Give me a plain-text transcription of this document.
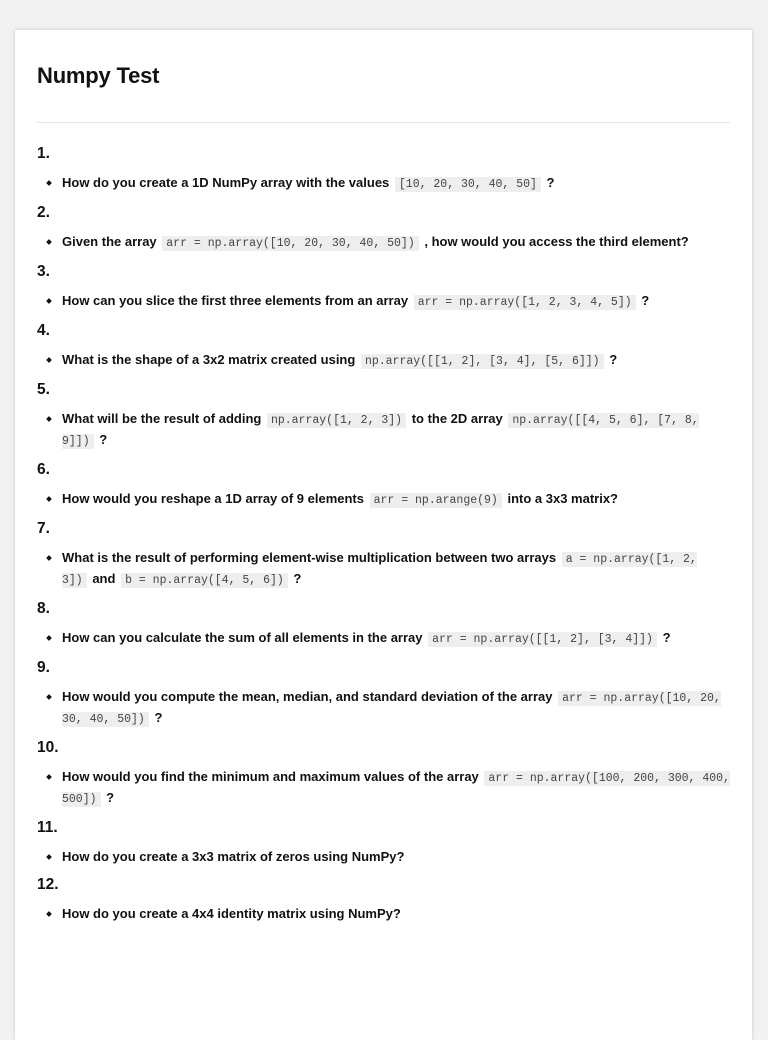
Numpy Test
1.
How do you create a 1D NumPy array with the values [10, 20, 30, 40, 50] ?
2.
Given the array arr = np.array([10, 20, 30, 40, 50]) , how would you access the third element?
3.
How can you slice the first three elements from an array arr = np.array([1, 2, 3, 4, 5]) ?
4.
What is the shape of a 3x2 matrix created using np.array([[1, 2], [3, 4], [5, 6]]) ?
5.
What will be the result of adding np.array([1, 2, 3]) to the 2D array np.array([[4, 5, 6], [7, 8, 9]]) ?
6.
How would you reshape a 1D array of 9 elements arr = np.arange(9) into a 3x3 matrix?
7.
What is the result of performing element-wise multiplication between two arrays a = np.array([1, 2, 3]) and b = np.array([4, 5, 6]) ?
8.
How can you calculate the sum of all elements in the array arr = np.array([[1, 2], [3, 4]]) ?
9.
How would you compute the mean, median, and standard deviation of the array arr = np.array([10, 20, 30, 40, 50]) ?
10.
How would you find the minimum and maximum values of the array arr = np.array([100, 200, 300, 400, 500]) ?
11.
How do you create a 3x3 matrix of zeros using NumPy?
12.
How do you create a 4x4 identity matrix using NumPy?
